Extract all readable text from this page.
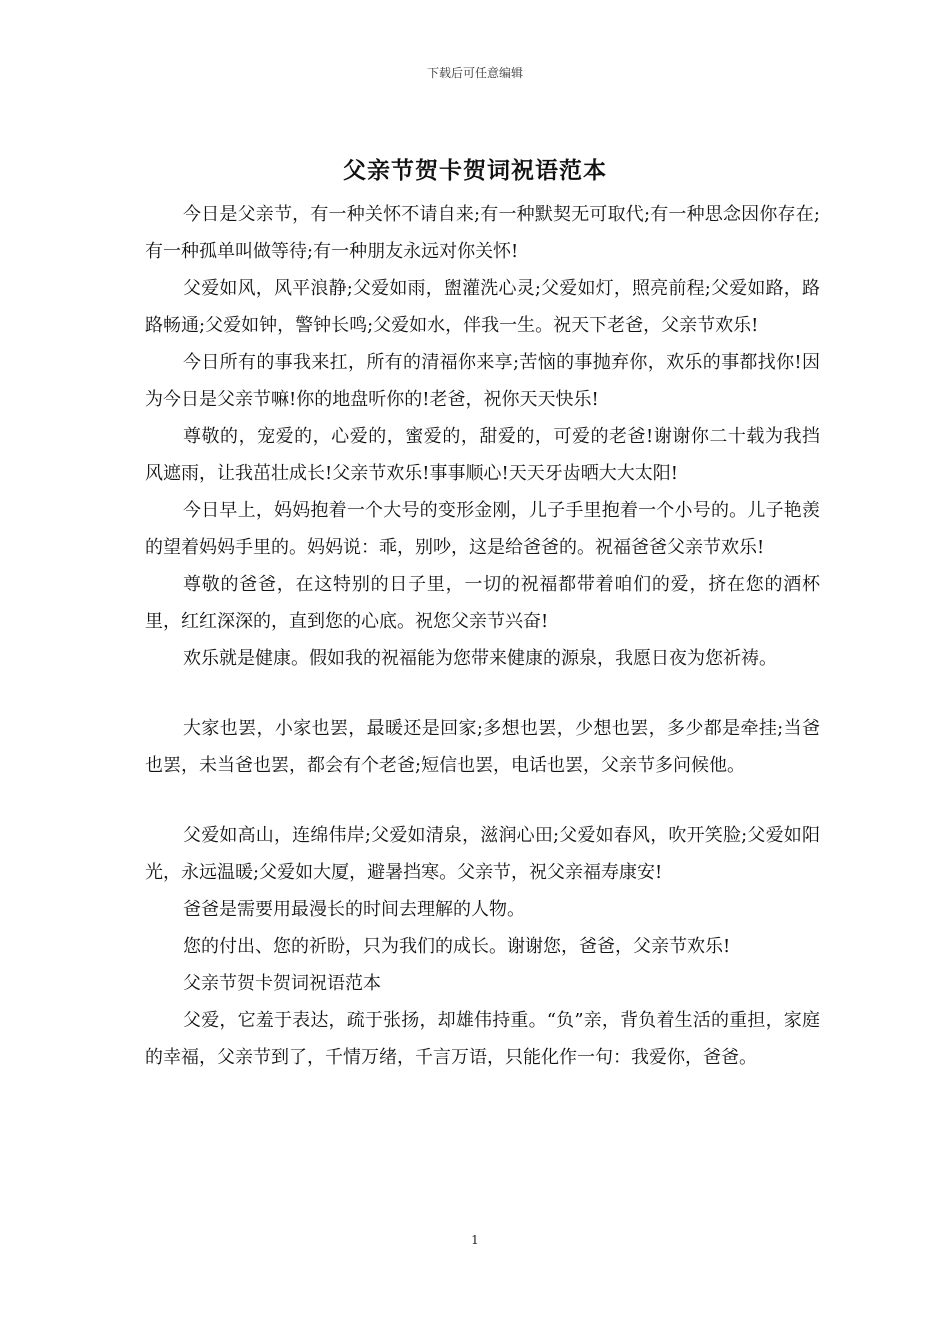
下载后可任意编辑
父亲节贺卡贺词祝语范本

今日是父亲节，有一种关怀不请自来;有一种默契无可取代;有一种思念因你存在;有一种孤单叫做等待;有一种朋友永远对你关怀!

父爱如风，风平浪静;父爱如雨，盥灌洗心灵;父爱如灯，照亮前程;父爱如路，路路畅通;父爱如钟，警钟长鸣;父爱如水，伴我一生。祝天下老爸，父亲节欢乐!

今日所有的事我来扛，所有的清福你来享;苦恼的事抛弃你，欢乐的事都找你!因为今日是父亲节嘛!你的地盘听你的!老爸，祝你天天快乐!

尊敬的，宠爱的，心爱的，蜜爱的，甜爱的，可爱的老爸!谢谢你二十载为我挡风遮雨，让我茁壮成长!父亲节欢乐!事事顺心!天天牙齿晒大大太阳!

今日早上，妈妈抱着一个大号的变形金刚，儿子手里抱着一个小号的。儿子艳羡的望着妈妈手里的。妈妈说：乖，别吵，这是给爸爸的。祝福爸爸父亲节欢乐!

尊敬的爸爸，在这特别的日子里，一切的祝福都带着咱们的爱，挤在您的酒杯里，红红深深的，直到您的心底。祝您父亲节兴奋!

欢乐就是健康。假如我的祝福能为您带来健康的源泉，我愿日夜为您祈祷。

大家也罢，小家也罢，最暖还是回家;多想也罢，少想也罢，多少都是牵挂;当爸也罢，未当爸也罢，都会有个老爸;短信也罢，电话也罢，父亲节多问候他。

父爱如高山，连绵伟岸;父爱如清泉，滋润心田;父爱如春风，吹开笑脸;父爱如阳光，永远温暖;父爱如大厦，避暑挡寒。父亲节，祝父亲福寿康安!

爸爸是需要用最漫长的时间去理解的人物。

您的付出、您的祈盼，只为我们的成长。谢谢您，爸爸，父亲节欢乐!

父亲节贺卡贺词祝语范本

父爱，它羞于表达，疏于张扬，却雄伟持重。“负”亲，背负着生活的重担，家庭的幸福，父亲节到了，千情万绪，千言万语，只能化作一句：我爱你，爸爸。

1
